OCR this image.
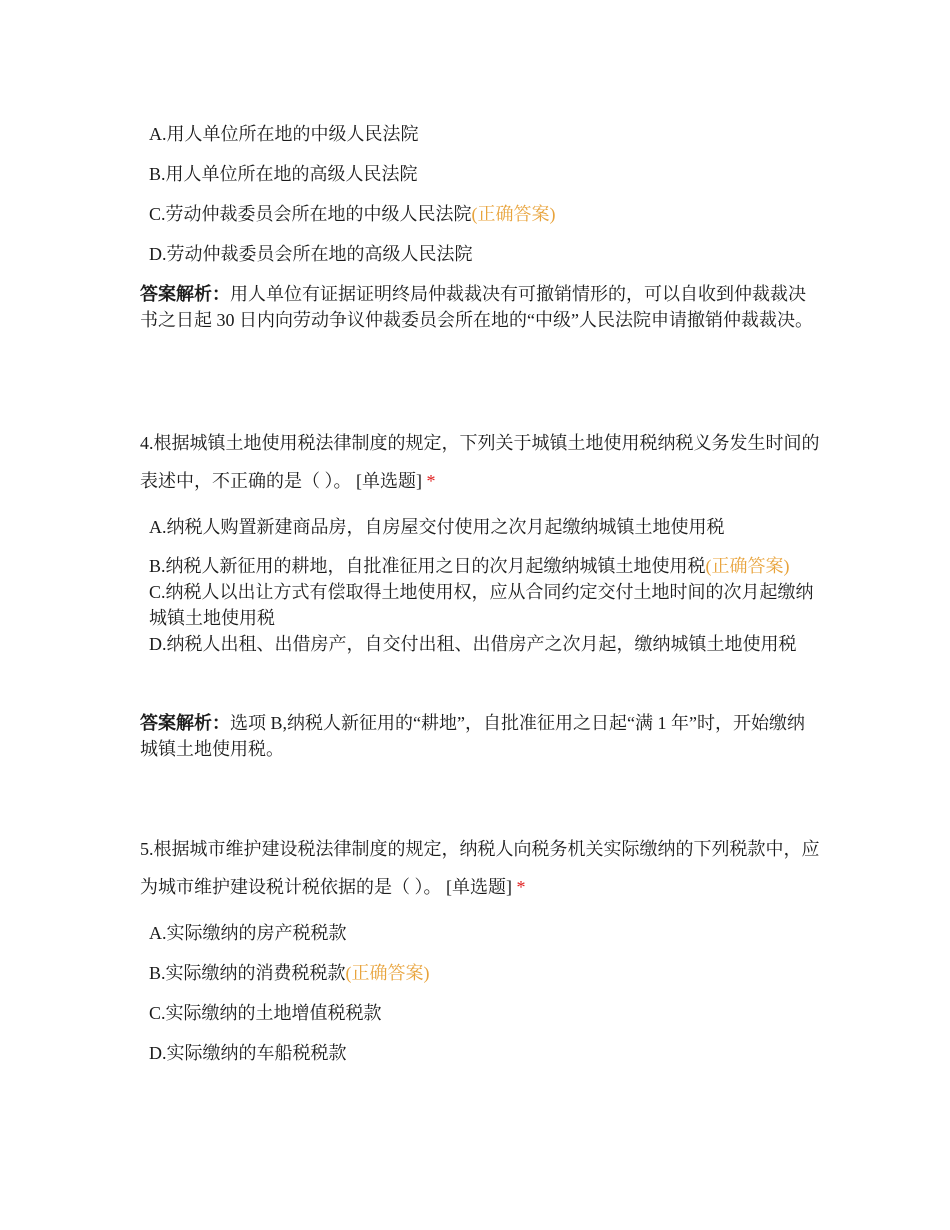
A.用人单位所在地的中级人民法院

B.用人单位所在地的高级人民法院

C.劳动仲裁委员会所在地的中级人民法院(正确答案)

D.劳动仲裁委员会所在地的高级人民法院

答案解析：用人单位有证据证明终局仲裁裁决有可撤销情形的，可以自收到仲裁裁决书之日起 30 日内向劳动争议仲裁委员会所在地的“中级”人民法院申请撤销仲裁裁决。

4.根据城镇土地使用税法律制度的规定，下列关于城镇土地使用税纳税义务发生时间的表述中，不正确的是（ ）。 [单选题] *

A.纳税人购置新建商品房，自房屋交付使用之次月起缴纳城镇土地使用税

B.纳税人新征用的耕地，自批准征用之日的次月起缴纳城镇土地使用税(正确答案)

C.纳税人以出让方式有偿取得土地使用权，应从合同约定交付土地时间的次月起缴纳城镇土地使用税

D.纳税人出租、出借房产，自交付出租、出借房产之次月起，缴纳城镇土地使用税

答案解析：选项 B,纳税人新征用的“耕地”，自批准征用之日起“满 1 年”时，开始缴纳城镇土地使用税。

5.根据城市维护建设税法律制度的规定，纳税人向税务机关实际缴纳的下列税款中，应为城市维护建设税计税依据的是（ ）。 [单选题] *

A.实际缴纳的房产税税款

B.实际缴纳的消费税税款(正确答案)

C.实际缴纳的土地增值税税款

D.实际缴纳的车船税税款
